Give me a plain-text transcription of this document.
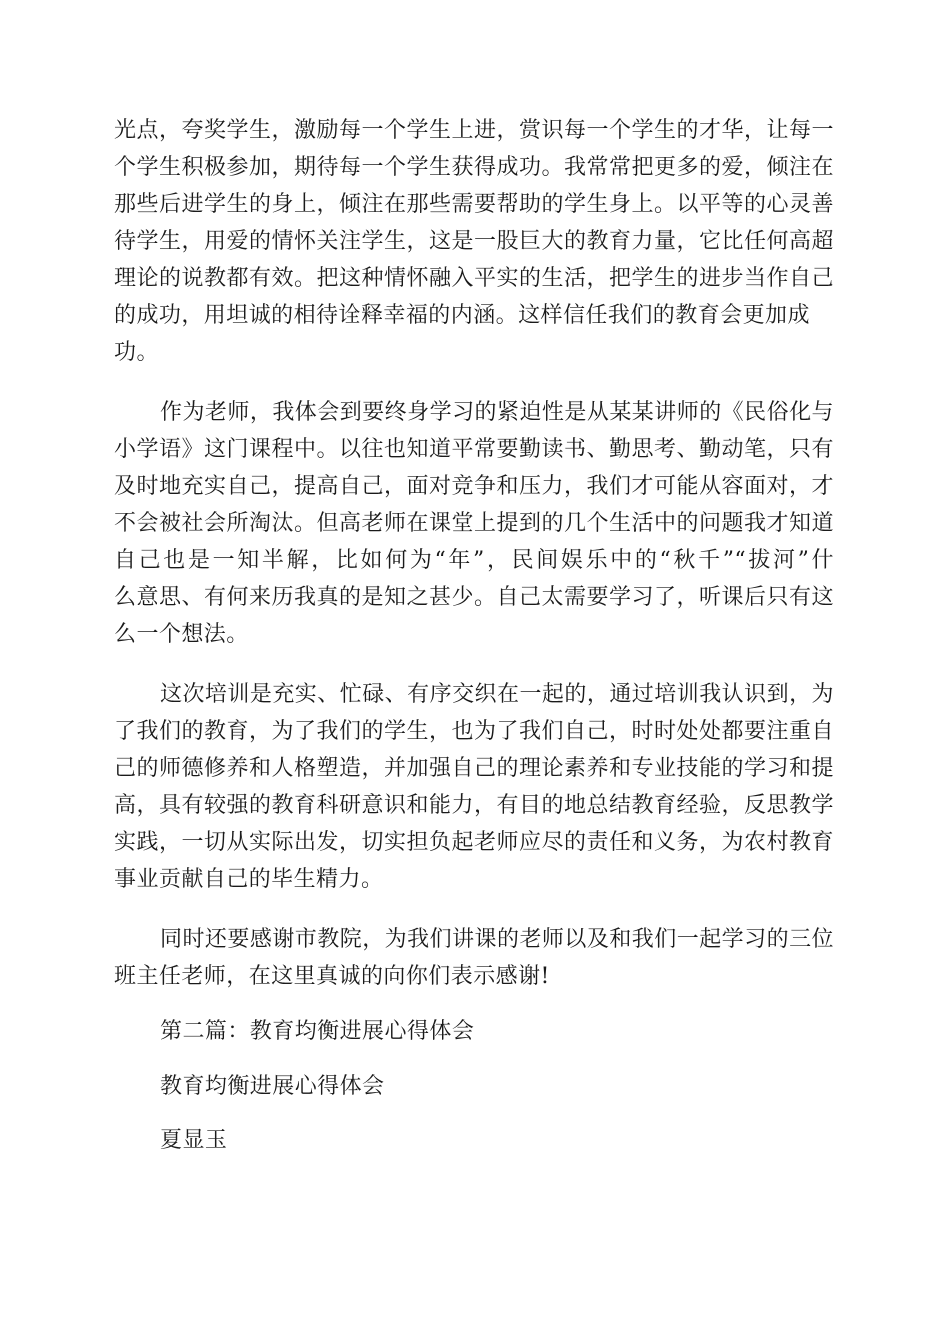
光点，夸奖学生，激励每一个学生上进，赏识每一个学生的才华，让每一
个学生积极参加，期待每一个学生获得成功。我常常把更多的爱，倾注在
那些后进学生的身上，倾注在那些需要帮助的学生身上。以平等的心灵善
待学生，用爱的情怀关注学生，这是一股巨大的教育力量，它比任何高超
理论的说教都有效。把这种情怀融入平实的生活，把学生的进步当作自己
的成功，用坦诚的相待诠释幸福的内涵。这样信任我们的教育会更加成
功。
作为老师，我体会到要终身学习的紧迫性是从某某讲师的《民俗化与
小学语》这门课程中。以往也知道平常要勤读书、勤思考、勤动笔，只有
及时地充实自己，提高自己，面对竞争和压力，我们才可能从容面对，才
不会被社会所淘汰。但高老师在课堂上提到的几个生活中的问题我才知道
自己也是一知半解，比如何为“年”，民间娱乐中的“秋千”“拔河”什
么意思、有何来历我真的是知之甚少。自己太需要学习了，听课后只有这
么一个想法。
这次培训是充实、忙碌、有序交织在一起的，通过培训我认识到，为
了我们的教育，为了我们的学生，也为了我们自己，时时处处都要注重自
己的师德修养和人格塑造，并加强自己的理论素养和专业技能的学习和提
高，具有较强的教育科研意识和能力，有目的地总结教育经验，反思教学
实践，一切从实际出发，切实担负起老师应尽的责任和义务，为农村教育
事业贡献自己的毕生精力。
同时还要感谢市教院，为我们讲课的老师以及和我们一起学习的三位
班主任老师，在这里真诚的向你们表示感谢!
第二篇：教育均衡进展心得体会
教育均衡进展心得体会
夏显玉
